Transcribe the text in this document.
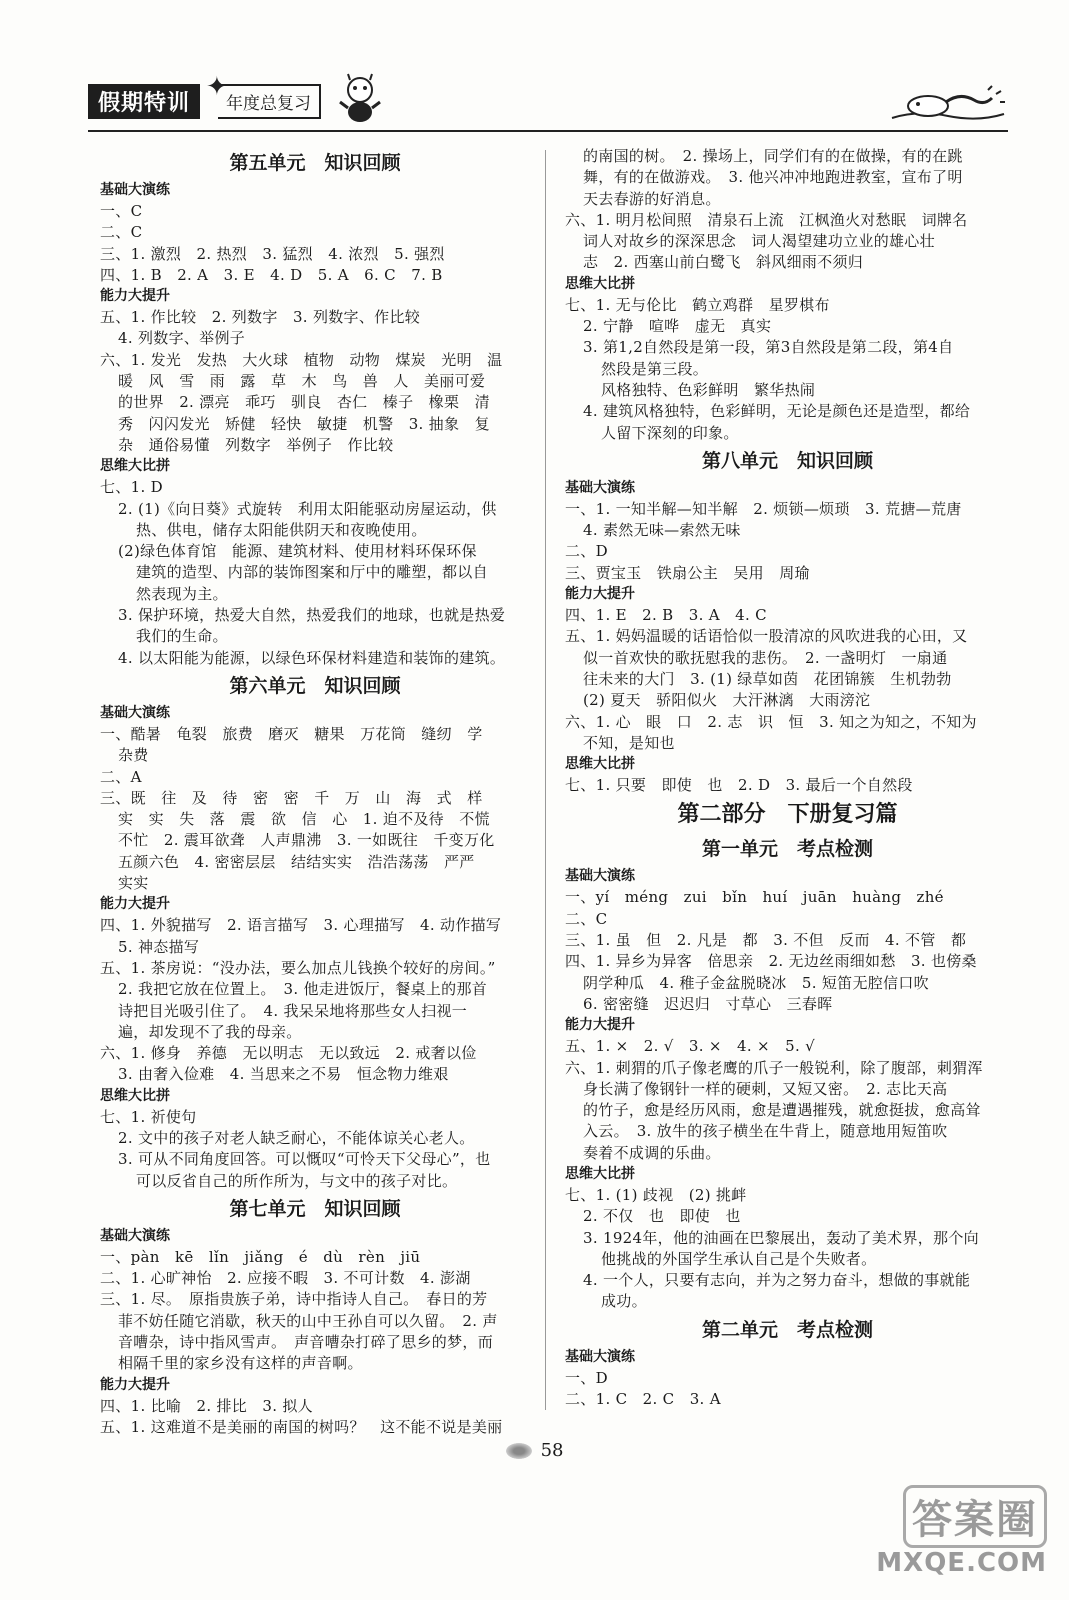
假期特训	年度总复习
✦
第五单元　知识回顾
基础大演练
一、C
二、C
三、1. 激烈　2. 热烈　3. 猛烈　4. 浓烈　5. 强烈
四、1. B　2. A　3. E　4. D　5. A　6. C　7. B
能力大提升
五、1. 作比较　2. 列数字　3. 列数字、作比较
4. 列数字、举例子
六、1. 发光　发热　大火球　植物　动物　煤炭　光明　温
暖　风　雪　雨　露　草　木　鸟　兽　人　美丽可爱
的世界　2. 漂亮　乖巧　驯良　杏仁　榛子　橡栗　清
秀　闪闪发光　矫健　轻快　敏捷　机警　3. 抽象　复
杂　通俗易懂　列数字　举例子　作比较
思维大比拼
七、1. D
2. (1)《向日葵》式旋转　利用太阳能驱动房屋运动，供
热、供电，储存太阳能供阴天和夜晚使用。
(2)绿色体育馆　能源、建筑材料、使用材料环保环保
建筑的造型、内部的装饰图案和厅中的雕塑，都以自
然表现为主。
3. 保护环境，热爱大自然，热爱我们的地球，也就是热爱
我们的生命。
4. 以太阳能为能源，以绿色环保材料建造和装饰的建筑。
第六单元　知识回顾
基础大演练
一、酷暑　龟裂　旅费　磨灭　糖果　万花筒　缝纫　学
杂费
二、A
三、既　往　及　待　密　密　千　万　山　海　式　样
实　实　失　落　震　欲　信　心　1. 迫不及待　不慌
不忙　2. 震耳欲聋　人声鼎沸　3. 一如既往　千变万化
五颜六色　4. 密密层层　结结实实　浩浩荡荡　严严
实实
能力大提升
四、1. 外貌描写　2. 语言描写　3. 心理描写　4. 动作描写
5. 神态描写
五、1. 茶房说：“没办法，要么加点儿钱换个较好的房间。”
2. 我把它放在位置上。　3. 他走进饭厅，餐桌上的那首
诗把目光吸引住了。　4. 我呆呆地将那些女人扫视一
遍，却发现不了我的母亲。
六、1. 修身　养德　无以明志　无以致远　2. 戒奢以俭
3. 由奢入俭难　4. 当思来之不易　恒念物力维艰
思维大比拼
七、1. 祈使句
2. 文中的孩子对老人缺乏耐心，不能体谅关心老人。
3. 可从不同角度回答。可以慨叹“可怜天下父母心”，也
可以反省自己的所作所为，与文中的孩子对比。
第七单元　知识回顾
基础大演练
一、pàn　kē　lǐn　jiǎng　é　dù　rèn　jiū
二、1. 心旷神怡　2. 应接不暇　3. 不可计数　4. 澎湖
三、1. 尽。　原指贵族子弟，诗中指诗人自己。　春日的芳
菲不妨任随它消歇，秋天的山中王孙自可以久留。　2. 声
音嘈杂，诗中指风雪声。　声音嘈杂打碎了思乡的梦，而
相隔千里的家乡没有这样的声音啊。
能力大提升
四、1. 比喻　2. 排比　3. 拟人
五、1. 这难道不是美丽的南国的树吗？　这不能不说是美丽
的南国的树。　2. 操场上，同学们有的在做操，有的在跳
舞，有的在做游戏。　3. 他兴冲冲地跑进教室，宣布了明
天去春游的好消息。
六、1. 明月松间照　清泉石上流　江枫渔火对愁眠　词牌名
词人对故乡的深深思念　词人渴望建功立业的雄心壮
志　2. 西塞山前白鹭飞　斜风细雨不须归
思维大比拼
七、1. 无与伦比　鹤立鸡群　星罗棋布
2. 宁静　喧哗　虚无　真实
3. 第1,2自然段是第一段，第3自然段是第二段，第4自
然段是第三段。
风格独特、色彩鲜明　繁华热闹
4. 建筑风格独特，色彩鲜明，无论是颜色还是造型，都给
人留下深刻的印象。
第八单元　知识回顾
基础大演练
一、1. 一知半解—知半解　2. 烦锁—烦琐　3. 荒搪—荒唐
4. 素然无味—索然无味
二、D
三、贾宝玉　铁扇公主　吴用　周瑜
能力大提升
四、1. E　2. B　3. A　4. C
五、1. 妈妈温暖的话语恰似一股清凉的风吹进我的心田，又
似一首欢快的歌抚慰我的悲伤。　2. 一盏明灯　一扇通
往未来的大门　3. (1) 绿草如茵　花团锦簇　生机勃勃
(2) 夏天　骄阳似火　大汗淋漓　大雨滂沱
六、1. 心　眼　口　2. 志　识　恒　3. 知之为知之，不知为
不知，是知也
思维大比拼
七、1. 只要　即使　也　2. D　3. 最后一个自然段
第二部分　下册复习篇
第一单元　考点检测
基础大演练
一、yí　méng　zui　bǐn　huí　juān　huàng　zhé
二、C
三、1. 虽　但　2. 凡是　都　3. 不但　反而　4. 不管　都
四、1. 异乡为异客　倍思亲　2. 无边丝雨细如愁　3. 也傍桑
阴学种瓜　4. 稚子金盆脱晓冰　5. 短笛无腔信口吹
6. 密密缝　迟迟归　寸草心　三春晖
能力大提升
五、1. ×　2. √　3. ×　4. ×　5. √
六、1. 刺猬的爪子像老鹰的爪子一般锐利，除了腹部，刺猬浑
身长满了像钢针一样的硬刺，又短又密。　2. 志比天高
的竹子，愈是经历风雨，愈是遭遇摧残，就愈挺拔，愈高耸
入云。　3. 放牛的孩子横坐在牛背上，随意地用短笛吹
奏着不成调的乐曲。
思维大比拼
七、1. (1) 歧视　(2) 挑衅
2. 不仅　也　即使　也
3. 1924年，他的油画在巴黎展出，轰动了美术界，那个向
他挑战的外国学生承认自己是个失败者。
4. 一个人，只要有志向，并为之努力奋斗，想做的事就能
成功。
第二单元　考点检测
基础大演练
一、D
二、1. C　2. C　3. A
58
答案圈
MXQE.COM
